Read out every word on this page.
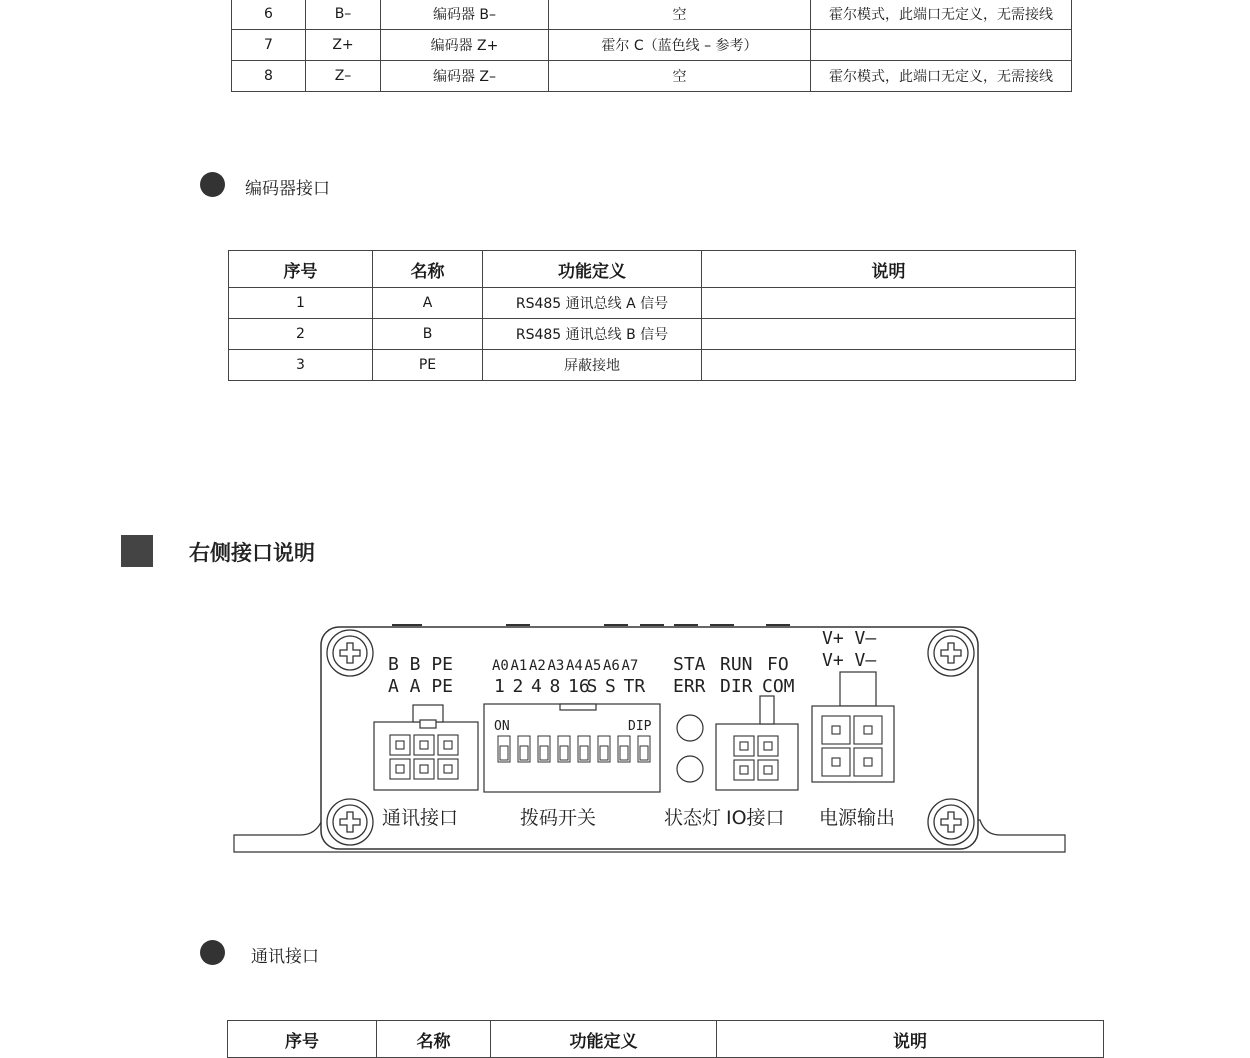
6	B–	编码器 B–	空	霍尔模式，此端口无定义，无需接线
7	Z+	编码器 Z+	霍尔 C（蓝色线 – 参考）	
8	Z–	编码器 Z–	空	霍尔模式，此端口无定义，无需接线
编码器接口
序号	名称	功能定义	说明
1	A	RS485 通讯总线 A 信号	
2	B	RS485 通讯总线 B 信号	
3	PE	屏蔽接地	
右侧接口说明
B B PE
A A PE
A0
1
A1
2
A2
4
A3
8
A4
16
A5
S
A6
S
A7
TR
ON	DIP
STA
ERR
RUN
DIR
FO
COM
V+ V–
V+ V–
通讯接口	拨码开关	状态灯 IO接口 电源输出
通讯接口
序号	名称	功能定义	说明
